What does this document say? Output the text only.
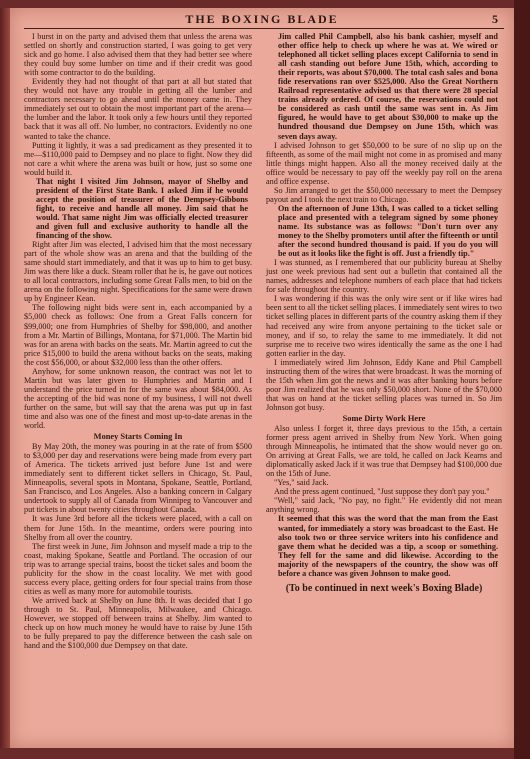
THE BOXING BLADE	5

I burst in on the party and advised them that unless the arena was settled on shortly and construction started, I was going to get very sick and go home. I also advised them that they had better see where they could buy some lumber on time and if their credit was good with some contractor to do the building.

Evidently they had not thought of that part at all but stated that they would not have any trouble in getting all the lumber and contractors necessary to go ahead until the money came in. They immediately set out to obtain the most important part of the arena—the lumber and the labor. It took only a few hours until they reported back that it was all off. No lumber, no contractors. Evidently no one wanted to take the chance.

Putting it lightly, it was a sad predicament as they presented it to me—$110,000 paid to Dempsey and no place to fight. Now they did not care a whit where the arena was built or how, just so some one would build it.

That night I visited Jim Johnson, mayor of Shelby and president of the First State Bank. I asked Jim if he would accept the position of treasurer of the Dempsey-Gibbons fight, to receive and handle all money. Jim said that he would. That same night Jim was officially elected treasurer and given full and exclusive authority to handle all the financing of the show.

Right after Jim was elected, I advised him that the most necessary part of the whole show was an arena and that the building of the same should start immediately, and that it was up to him to get busy. Jim was there like a duck. Steam roller that he is, he gave out notices to all local contractors, including some Great Falls men, to bid on the arena on the following night. Specifications for the same were drawn up by Engineer Kean.

The following night bids were sent in, each accompanied by a $5,000 check as follows: One from a Great Falls concern for $99,000; one from Humphries of Shelby for $98,000, and another from a Mr. Martin of Billings, Montana, for $71,000. The Martin bid was for an arena with backs on the seats. Mr. Martin agreed to cut the price $15,000 to build the arena without backs on the seats, making the cost $56,000, or about $32,000 less than the other offers.

Anyhow, for some unknown reason, the contract was not let to Martin but was later given to Humphries and Martin and I understand the price turned in for the same was about $84,000. As the accepting of the bid was none of my business, I will not dwell further on the same, but will say that the arena was put up in fast time and also was one of the finest and most up-to-date arenas in the world.

Money Starts Coming In

By May 20th, the money was pouring in at the rate of from $500 to $3,000 per day and reservations were being made from every part of America. The tickets arrived just before June 1st and were immediately sent to different ticket sellers in Chicago, St. Paul, Minneapolis, several spots in Montana, Spokane, Seattle, Portland, San Francisco, and Los Angeles. Also a banking concern in Calgary undertook to supply all of Canada from Winnipeg to Vancouver and put tickets in about twenty cities throughout Canada.

It was June 3rd before all the tickets were placed, with a call on them for June 15th. In the meantime, orders were pouring into Shelby from all over the country.

The first week in June, Jim Johnson and myself made a trip to the coast, making Spokane, Seattle and Portland. The occasion of our trip was to arrange special trains, boost the ticket sales and boom the publicity for the show in the coast locality. We met with good success every place, getting orders for four special trains from those cities as well as many more for automobile tourists.

We arrived back at Shelby on June 8th. It was decided that I go through to St. Paul, Minneapolis, Milwaukee, and Chicago. However, we stopped off between trains at Shelby. Jim wanted to check up on how much money he would have to raise by June 15th to be fully prepared to pay the difference between the cash sale on hand and the $100,000 due Dempsey on that date.

Jim called Phil Campbell, also his bank cashier, myself and other office help to check up where he was at. We wired or telephoned all ticket selling places except California to send in all cash standing out before June 15th, which, according to their reports, was about $70,000. The total cash sales and bona fide reservations ran over $525,000. Also the Great Northern Railroad representative advised us that there were 28 special trains already ordered. Of course, the reservations could not be considered as cash until the same was sent in. As Jim figured, he would have to get about $30,000 to make up the hundred thousand due Dempsey on June 15th, which was seven days away.

I advised Johnson to get $50,000 to be sure of no slip up on the fifteenth, as some of the mail might not come in as promised and many little things might happen. Also all the money received daily at the office would be necessary to pay off the weekly pay roll on the arena and office expense.

So Jim arranged to get the $50,000 necessary to meet the Dempsey payout and I took the next train to Chicago.

On the afternoon of June 13th, I was called to a ticket selling place and presented with a telegram signed by some phoney name. Its substance was as follows: "Don't turn over any money to the Shelby promoters until after the fifteenth or until after the second hundred thousand is paid. If you do you will be out as it looks like the fight is off. Just a friendly tip."

I was stunned, as I remembered that our publicity bureau at Shelby just one week previous had sent out a bulletin that contained all the names, addresses and telephone numbers of each place that had tickets for sale throughout the country.

I was wondering if this was the only wire sent or if like wires had been sent to all the ticket selling places. I immediately sent wires to two ticket selling places in different parts of the country asking them if they had received any wire from anyone pertaining to the ticket sale or money, and if so, to relay the same to me immediately. It did not surprise me to receive two wires identically the same as the one I had gotten earlier in the day.

I immediately wired Jim Johnson, Eddy Kane and Phil Campbell instructing them of the wires that were broadcast. It was the morning of the 15th when Jim got the news and it was after banking hours before poor Jim realized that he was only $50,000 short. None of the $70,000 that was on hand at the ticket selling places was turned in. So Jim Johnson got busy.

Some Dirty Work Here

Also unless I forget it, three days previous to the 15th, a certain former press agent arrived in Shelby from New York. When going through Minneapolis, he intimated that the show would never go on. On arriving at Great Falls, we are told, he called on Jack Kearns and diplomatically asked Jack if it was true that Dempsey had $100,000 due on the 15th of June.

"Yes," said Jack.

And the press agent continued, "Just suppose they don't pay you."

"Well," said Jack, "No pay, no fight." He evidently did not mean anything wrong.

It seemed that this was the word that the man from the East wanted, for immediately a story was broadcast to the East. He also took two or three service writers into his confidence and gave them what he decided was a tip, a scoop or something. They fell for the same and did likewise. According to the majority of the newspapers of the country, the show was off before a chance was given Johnson to make good.

(To be continued in next week's Boxing Blade)
